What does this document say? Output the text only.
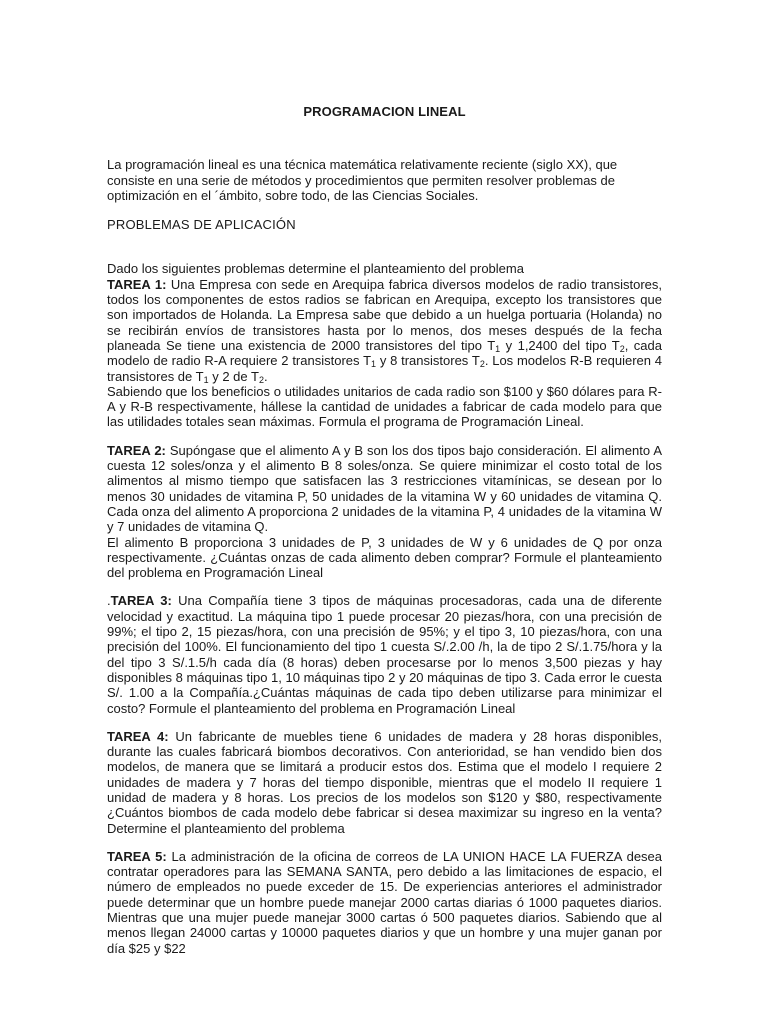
PROGRAMACION LINEAL
La programación lineal es una técnica matemática relativamente reciente (siglo XX), que consiste en una serie de métodos y procedimientos que permiten resolver problemas de optimización en el ´ámbito, sobre todo, de las Ciencias Sociales.
PROBLEMAS DE APLICACIÓN
Dado los siguientes problemas determine el planteamiento del problema

TAREA 1: Una Empresa con sede en Arequipa fabrica diversos modelos de radio transistores, todos los componentes de estos radios se fabrican en Arequipa, excepto los transistores que son importados de Holanda. La Empresa sabe que debido a un huelga portuaria (Holanda) no se recibirán envíos de transistores hasta por lo menos, dos meses después de la fecha planeada Se tiene una existencia de 2000 transistores del tipo $T_1$ y 1,2400 del tipo $T_2$, cada modelo de radio R-A requiere 2 transistores $T_1$ y 8 transistores $T_2$. Los modelos R-B requieren 4 transistores de $T_1$ y 2 de $T_2$.

Sabiendo que los beneficios o utilidades unitarios de cada radio son $100 y $60 dólares para R-A y R-B respectivamente, hállese la cantidad de unidades a fabricar de cada modelo para que las utilidades totales sean máximas. Formula el programa de Programación Lineal.

TAREA 2: Supóngase que el alimento A y B son los dos tipos bajo consideración. El alimento A cuesta 12 soles/onza y el alimento B 8 soles/onza. Se quiere minimizar el costo total de los alimentos al mismo tiempo que satisfacen las 3 restricciones vitamínicas, se desean por lo menos 30 unidades de vitamina P, 50 unidades de la vitamina W y 60 unidades de vitamina Q. Cada onza del alimento A proporciona 2 unidades de la vitamina P, 4 unidades de la vitamina W y 7 unidades de vitamina Q.

El alimento B proporciona 3 unidades de P, 3 unidades de W y 6 unidades de Q por onza respectivamente. ¿Cuántas onzas de cada alimento deben comprar? Formule el planteamiento del problema en Programación Lineal

.TAREA 3: Una Compañía tiene 3 tipos de máquinas procesadoras, cada una de diferente velocidad y exactitud. La máquina tipo 1 puede procesar 20 piezas/hora, con una precisión de 99%; el tipo 2, 15 piezas/hora, con una precisión de 95%; y el tipo 3, 10 piezas/hora, con una precisión del 100%. El funcionamiento del tipo 1 cuesta S/.2.00 /h, la de tipo 2 S/.1.75/hora y la del tipo 3 S/.1.5/h cada día (8 horas) deben procesarse por lo menos 3,500 piezas y hay disponibles 8 máquinas tipo 1, 10 máquinas tipo 2 y 20 máquinas de tipo 3. Cada error le cuesta S/. 1.00 a la Compañía.¿Cuántas máquinas de cada tipo deben utilizarse para minimizar el costo? Formule el planteamiento del problema en Programación Lineal

TAREA 4: Un fabricante de muebles tiene 6 unidades de madera y 28 horas disponibles, durante las cuales fabricará biombos decorativos. Con anterioridad, se han vendido bien dos modelos, de manera que se limitará a producir estos dos. Estima que el modelo I requiere 2 unidades de madera y 7 horas del tiempo disponible, mientras que el modelo II requiere 1 unidad de madera y 8 horas. Los precios de los modelos son $120 y $80, respectivamente ¿Cuántos biombos de cada modelo debe fabricar si desea maximizar su ingreso en la venta? Determine el planteamiento del problema

TAREA 5: La administración de la oficina de correos de LA UNION HACE LA FUERZA desea contratar operadores para las SEMANA SANTA, pero debido a las limitaciones de espacio, el número de empleados no puede exceder de 15. De experiencias anteriores el administrador puede determinar que un hombre puede manejar 2000 cartas diarias ó 1000 paquetes diarios. Mientras que una mujer puede manejar 3000 cartas ó 500 paquetes diarios. Sabiendo que al menos llegan 24000 cartas y 10000 paquetes diarios y que un hombre y una mujer ganan por día $25 y $22
